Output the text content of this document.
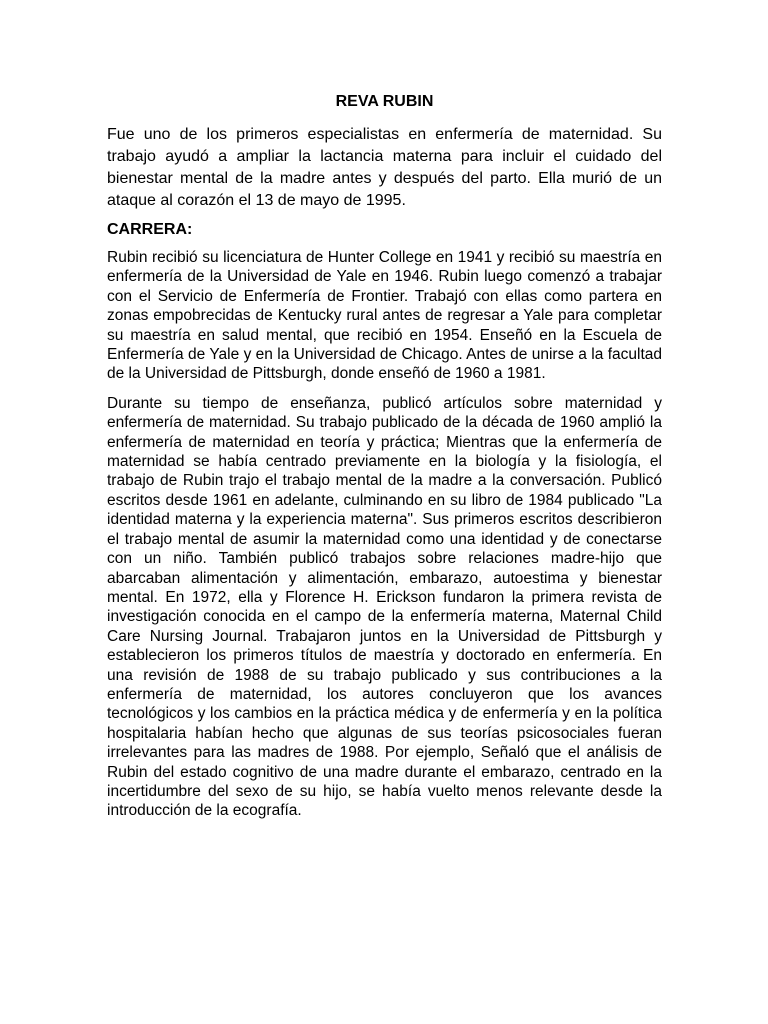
REVA RUBIN

Fue uno de los primeros especialistas en enfermería de maternidad. Su trabajo ayudó a ampliar la lactancia materna para incluir el cuidado del bienestar mental de la madre antes y después del parto. Ella murió de un ataque al corazón el 13 de mayo de 1995.

CARRERA:

Rubin recibió su licenciatura de Hunter College en 1941 y recibió su maestría en enfermería de la Universidad de Yale en 1946. Rubin luego comenzó a trabajar con el Servicio de Enfermería de Frontier. Trabajó con ellas como partera en zonas empobrecidas de Kentucky rural antes de regresar a Yale para completar su maestría en salud mental, que recibió en 1954. Enseñó en la Escuela de Enfermería de Yale y en la Universidad de Chicago. Antes de unirse a la facultad de la Universidad de Pittsburgh, donde enseñó de 1960 a 1981.

Durante su tiempo de enseñanza, publicó artículos sobre maternidad y enfermería de maternidad. Su trabajo publicado de la década de 1960 amplió la enfermería de maternidad en teoría y práctica; Mientras que la enfermería de maternidad se había centrado previamente en la biología y la fisiología, el trabajo de Rubin trajo el trabajo mental de la madre a la conversación. Publicó escritos desde 1961 en adelante, culminando en su libro de 1984 publicado "La identidad materna y la experiencia materna". Sus primeros escritos describieron el trabajo mental de asumir la maternidad como una identidad y de conectarse con un niño. También publicó trabajos sobre relaciones madre-hijo que abarcaban alimentación y alimentación, embarazo, autoestima y bienestar mental. En 1972, ella y Florence H. Erickson fundaron la primera revista de investigación conocida en el campo de la enfermería materna, Maternal Child Care Nursing Journal. Trabajaron juntos en la Universidad de Pittsburgh y establecieron los primeros títulos de maestría y doctorado en enfermería. En una revisión de 1988 de su trabajo publicado y sus contribuciones a la enfermería de maternidad, los autores concluyeron que los avances tecnológicos y los cambios en la práctica médica y de enfermería y en la política hospitalaria habían hecho que algunas de sus teorías psicosociales fueran irrelevantes para las madres de 1988. Por ejemplo, Señaló que el análisis de Rubin del estado cognitivo de una madre durante el embarazo, centrado en la incertidumbre del sexo de su hijo, se había vuelto menos relevante desde la introducción de la ecografía.
